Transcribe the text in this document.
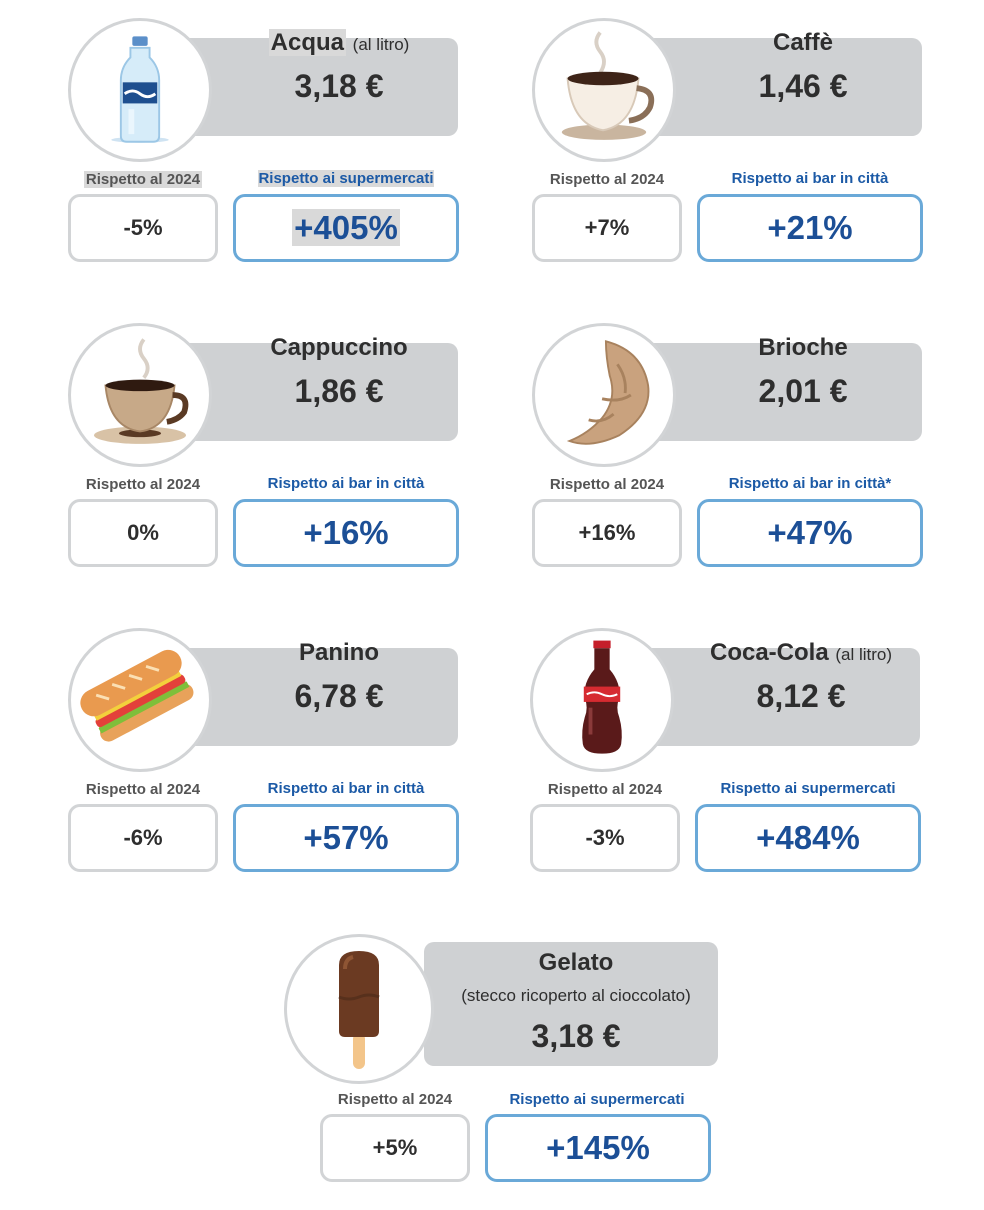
Acqua (al litro)
3,18 €
Rispetto al 2024	Rispetto ai supermercati
-5%	+405%
Caffè
1,46 €
Rispetto al 2024	Rispetto ai bar in città
+7%	+21%
Cappuccino
1,86 €
Rispetto al 2024	Rispetto ai bar in città
0%	+16%
Brioche
2,01 €
Rispetto al 2024	Rispetto ai bar in città*
+16%	+47%
Panino
6,78 €
Rispetto al 2024	Rispetto ai bar in città
-6%	+57%
Coca-Cola (al litro)
8,12 €
Rispetto al 2024	Rispetto ai supermercati
-3%	+484%
Gelato
(stecco ricoperto al cioccolato)
3,18 €
Rispetto al 2024	Rispetto ai supermercati
+5%	+145%
